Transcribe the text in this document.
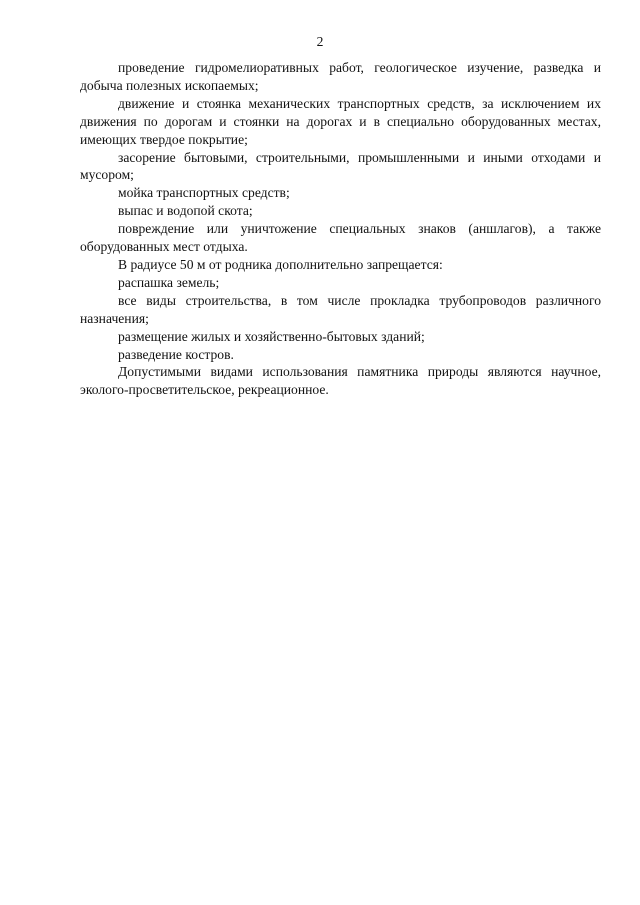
2

проведение гидромелиоративных работ, геологическое изучение, разведка и добыча полезных ископаемых;

движение и стоянка механических транспортных средств, за исключением их движения по дорогам и стоянки на дорогах и в специально оборудованных местах, имеющих твердое покрытие;

засорение бытовыми, строительными, промышленными и иными отходами и мусором;

мойка транспортных средств;

выпас и водопой скота;

повреждение или уничтожение специальных знаков (аншлагов), а также оборудованных мест отдыха.

В радиусе 50 м от родника дополнительно запрещается:

распашка земель;

все виды строительства, в том числе прокладка трубопроводов различного назначения;

размещение жилых и хозяйственно-бытовых зданий;

разведение костров.

Допустимыми видами использования памятника природы являются научное, эколого-просветительское, рекреационное.
